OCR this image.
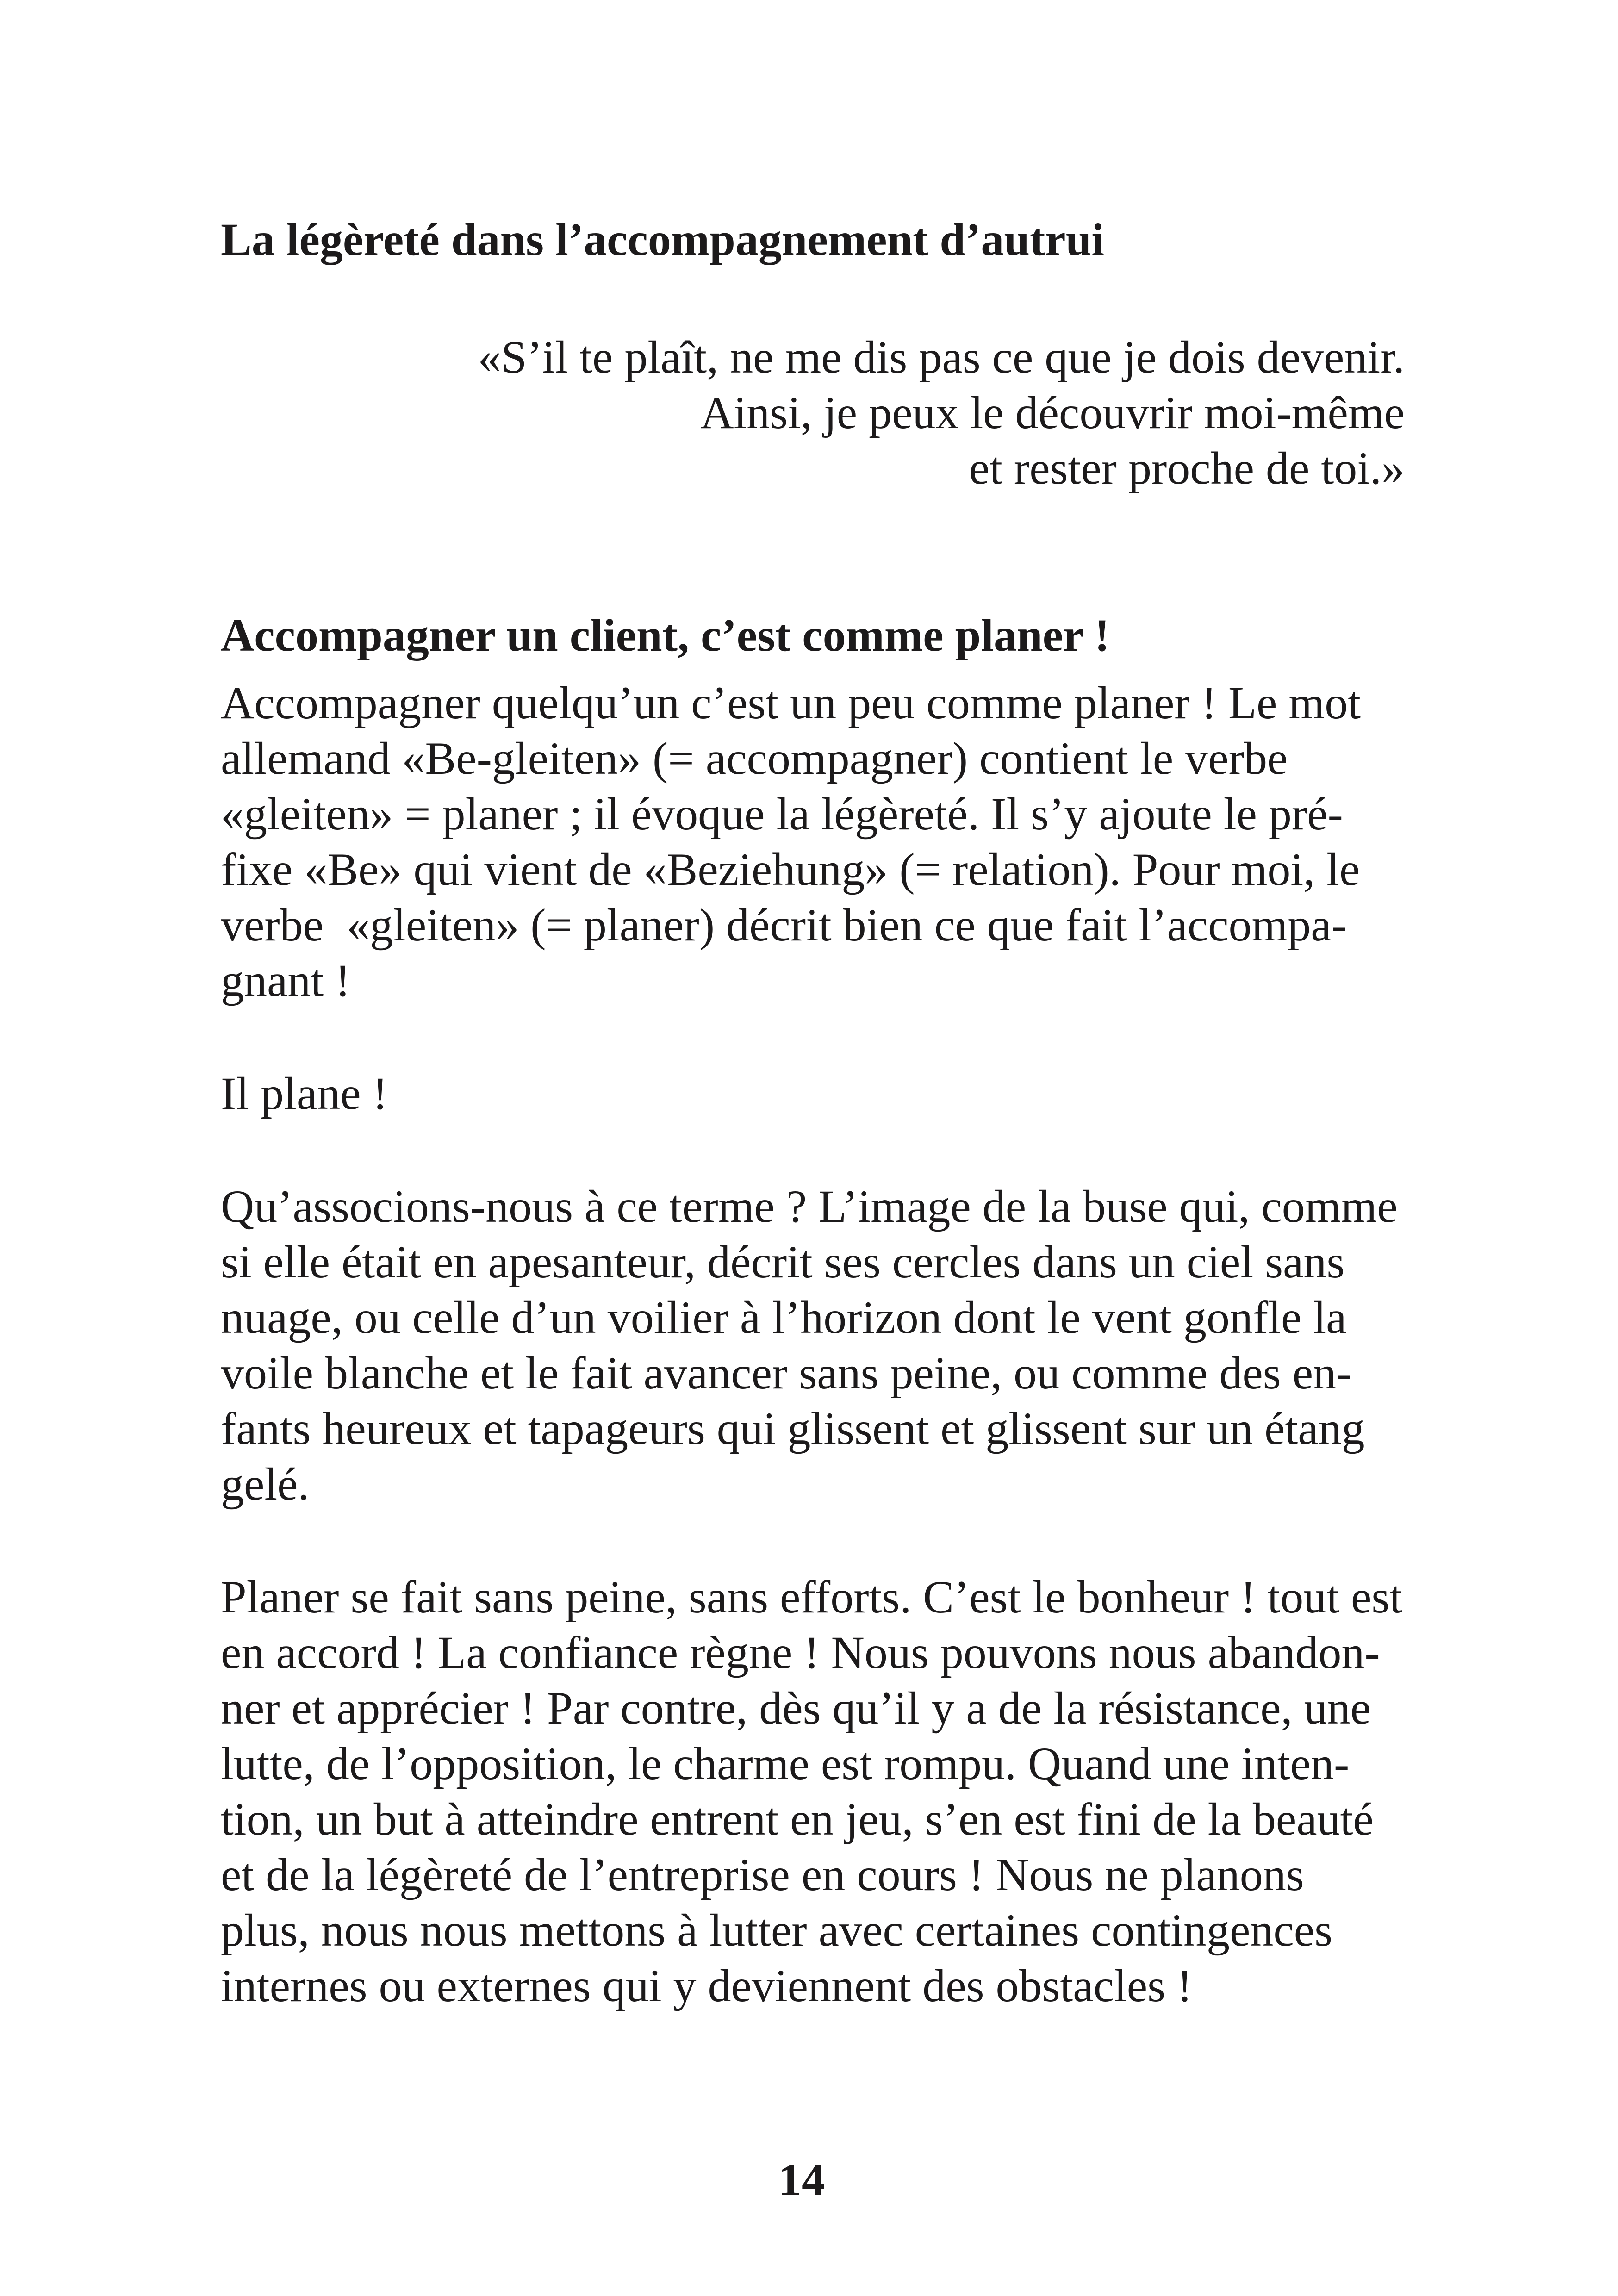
La légèreté dans l’accompagnement d’autrui
«S’il te plaît, ne me dis pas ce que je dois devenir.
Ainsi, je peux le découvrir moi-même
et rester proche de toi.»
Accompagner un client, c’est comme planer !

Accompagner quelqu’un c’est un peu comme planer ! Le mot
allemand «Be-gleiten» (= accompagner) contient le verbe
«gleiten» = planer ; il évoque la légèreté. Il s’y ajoute le pré-
fixe «Be» qui vient de «Beziehung» (= relation). Pour moi, le
verbe  «gleiten» (= planer) décrit bien ce que fait l’accompa-
gnant !

Il plane !

Qu’associons-nous à ce terme ? L’image de la buse qui, comme
si elle était en apesanteur, décrit ses cercles dans un ciel sans
nuage, ou celle d’un voilier à l’horizon dont le vent gonfle la
voile blanche et le fait avancer sans peine, ou comme des en-
fants heureux et tapageurs qui glissent et glissent sur un étang
gelé.

Planer se fait sans peine, sans efforts. C’est le bonheur ! tout est
en accord ! La confiance règne ! Nous pouvons nous abandon-
ner et apprécier ! Par contre, dès qu’il y a de la résistance, une
lutte, de l’opposition, le charme est rompu. Quand une inten-
tion, un but à atteindre entrent en jeu, s’en est fini de la beauté
et de la légèreté de l’entreprise en cours ! Nous ne planons
plus, nous nous mettons à lutter avec certaines contingences
internes ou externes qui y deviennent des obstacles !

14
